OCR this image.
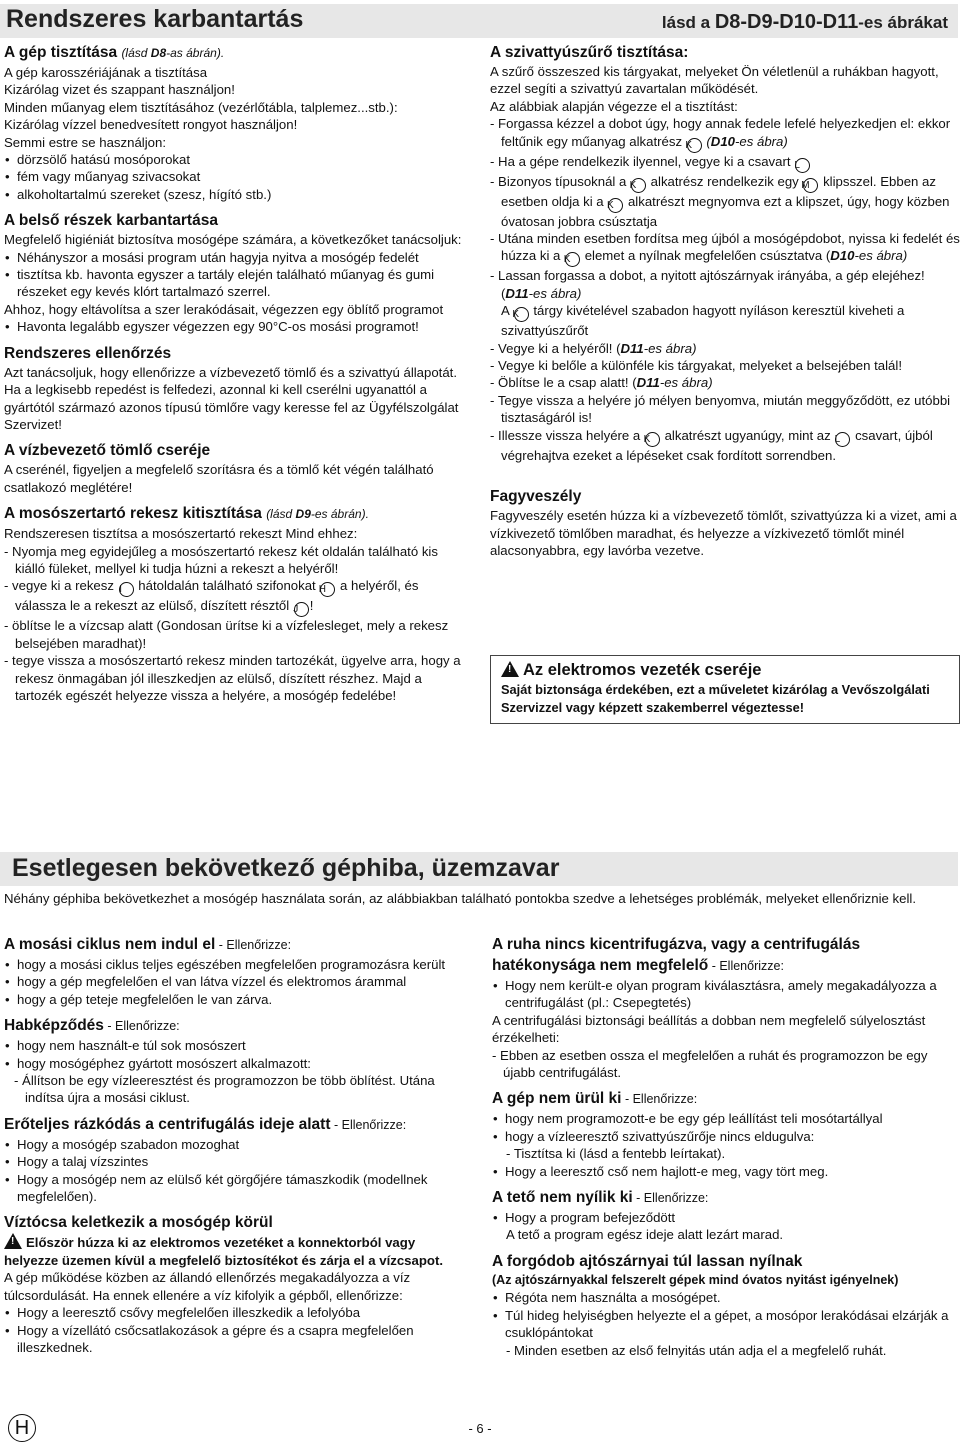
Rendszeres karbantartás	lásd a D8-D9-D10-D11-es ábrákat
A gép tisztítása (lásd D8-as ábrán).

A gép karosszériájának a tisztítása

Kizárólag vizet és szappant használjon!

Minden műanyag elem tisztításához (vezérlőtábla, talplemez...stb.):

Kizárólag vízzel benedvesített rongyot használjon!

Semmi estre se használjon:

• dörzsölő hatású mosóporokat
• fém vagy műanyag szivacsokat
• alkoholtartalmú szereket (szesz, hígító stb.)
A belső részek karbantartása

Megfelelő higiéniát biztosítva mosógépe számára, a következőket tanácsoljuk:

• Néhányszor a mosási program után hagyja nyitva a mosógép fedelét
• tisztítsa kb. havonta egyszer a tartály elején található műanyag és gumi részeket egy kevés klórt tartalmazó szerrel.

Ahhoz, hogy eltávolítsa a szer lerakódásait, végezzen egy öblítő programot

• Havonta legalább egyszer végezzen egy 90°C-os mosási programot!
Rendszeres ellenőrzés

Azt tanácsoljuk, hogy ellenőrizze a vízbevezető tömlő és a szivattyú állapotát. Ha a legkisebb repedést is felfedezi, azonnal ki kell cserélni ugyanattól a gyártótól származó azonos típusú tömlőre vagy keresse fel az Ügyfélszolgálat Szervizet!

A vízbevezető tömlő cseréje

A cserénél, figyeljen a megfelelő szorításra és a tömlő két végén található csatlakozó meglétére!

A mosószertartó rekesz kitisztítása (lásd D9-es ábrán).

Rendszeresen tisztítsa a mosószertartó rekeszt Mind ehhez:

- Nyomja meg egyidejűleg a mosószertartó rekesz két oldalán található kis kiálló füleket, mellyel ki tudja húzni a rekeszt a helyéről!

- vegye ki a rekesz I hátoldalán található szifonokat H a helyéről, és válassza le a rekeszt az elülső, díszített résztől J !

- öblítse le a vízcsap alatt (Gondosan ürítse ki a vízfelesleget, mely a rekesz belsejében maradhat)!

- tegye vissza a mosószertartó rekesz minden tartozékát, ügyelve arra, hogy a rekesz önmagában jól illeszkedjen az elülső, díszített részhez. Majd a tartozék egészét helyezze vissza a helyére, a mosógép fedelébe!

A szivattyúszűrő tisztítása:

A szűrő összeszed kis tárgyakat, melyeket Ön véletlenül a ruhákban hagyott, ezzel segíti a szivattyú zavartalan működését.

Az alábbiak alapján végezze el a tisztítást:

- Forgassa kézzel a dobot úgy, hogy annak fedele lefelé helyezkedjen el: ekkor feltűnik egy műanyag alkatrész K (D10-es ábra)

- Ha a gépe rendelkezik ilyennel, vegye ki a csavart L

- Bizonyos típusoknál a K alkatrész rendelkezik egy M klipsszel. Ebben az esetben oldja ki a K alkatrészt megnyomva ezt a klipszet, úgy, hogy közben óvatosan jobbra csúsztatja

- Utána minden esetben fordítsa meg újból a mosógépdobot, nyissa ki fedelét és húzza ki a K elemet a nyílnak megfelelően csúsztatva (D10-es ábra)

- Lassan forgassa a dobot, a nyitott ajtószárnyak irányába, a gép elejéhez! (D11-es ábra)
A K tárgy kivételével szabadon hagyott nyíláson keresztül kiveheti a szivattyúszűrőt

- Vegye ki a helyéről! (D11-es ábra)

- Vegye ki belőle a különféle kis tárgyakat, melyeket a belsejében talál!

- Öblítse le a csap alatt! (D11-es ábra)

- Tegye vissza a helyére jó mélyen benyomva, miután meggyőződött, ez utóbbi tisztaságáról is!

- Illessze vissza helyére a K alkatrészt ugyanúgy, mint az L csavart, újból végrehajtva ezeket a lépéseket csak fordított sorrendben.

Fagyveszély

Fagyveszély esetén húzza ki a vízbevezető tömlőt, szivattyúzza ki a vizet, ami a vízkivezető tömlőben maradhat, és helyezze a vízkivezető tömlőt minél alacsonyabbra, egy lavórba vezetve.

! Az elektromos vezeték cseréje

Saját biztonsága érdekében, ezt a műveletet kizárólag a Vevőszolgálati Szervizzel vagy képzett szakemberrel végeztesse!

Esetlegesen bekövetkező géphiba, üzemzavar

Néhány géphiba bekövetkezhet a mosógép használata során, az alábbiakban található pontokba szedve a lehetséges problémák, melyeket ellenőriznie kell.

A mosási ciklus nem indul el - Ellenőrizze:
• hogy a mosási ciklus teljes egészében megfelelően programozásra került
• hogy a gép megfelelően el van látva vízzel és elektromos árammal
• hogy a gép teteje megfelelően le van zárva.
Habképződés - Ellenőrizze:
• hogy nem használt-e túl sok mosószert
• hogy mosógéphez gyártott mosószert alkalmazott:

- Állítson be egy vízleeresztést és programozzon be több öblítést. Utána indítsa újra a mosási ciklust.

Erőteljes rázkódás a centrifugálás ideje alatt - Ellenőrizze:
• Hogy a mosógép szabadon mozoghat
• Hogy a talaj vízszintes
• Hogy a mosógép nem az elülső két görgőjére támaszkodik (modellnek megfelelően).
Víztócsa keletkezik a mosógép körül

! Először húzza ki az elektromos vezetéket a konnektorból vagy helyezze üzemen kívül a megfelelő biztosítékot és zárja el a vízcsapot.

A gép működése közben az állandó ellenőrzés megakadályozza a víz túlcsordulását. Ha ennek ellenére a víz kifolyik a gépből, ellenőrizze:

• Hogy a leeresztő csővy megfelelően illeszkedik a lefolyóba
• Hogy a vízellátó csőcsatlakozások a gépre és a csapra megfelelően illeszkednek.
A ruha nincs kicentrifugázva, vagy a centrifugálás hatékonysága nem megfelelő - Ellenőrizze:
• Hogy nem került-e olyan program kiválasztásra, amely megakadályozza a centrifugálást (pl.: Csepegtetés)

A centrifugálási biztonsági beállítás a dobban nem megfelelő súlyelosztást érzékelheti:

- Ebben az esetben ossza el megfelelően a ruhát és programozzon be egy újabb centrifugálást.

A gép nem ürül ki - Ellenőrizze:
• hogy nem programozott-e be egy gép leállítást teli mosótartállyal
• hogy a vízleeresztő szivattyúszűrője nincs eldugulva:

- Tisztítsa ki (lásd a fentebb leírtakat).

• Hogy a leeresztő cső nem hajlott-e meg, vagy tört meg.
A tető nem nyílik ki - Ellenőrizze:
• Hogy a program befejeződött

A tető a program egész ideje alatt lezárt marad.

A forgódob ajtószárnyai túl lassan nyílnak

(Az ajtószárnyakkal felszerelt gépek mind óvatos nyitást igényelnek)

• Régóta nem használta a mosógépet.
• Túl hideg helyiségben helyezte el a gépet, a mosópor lerakódásai elzárják a csuklópántokat

- Minden esetben az első felnyitás után adja el a megfelelő ruhát.

H	- 6 -
